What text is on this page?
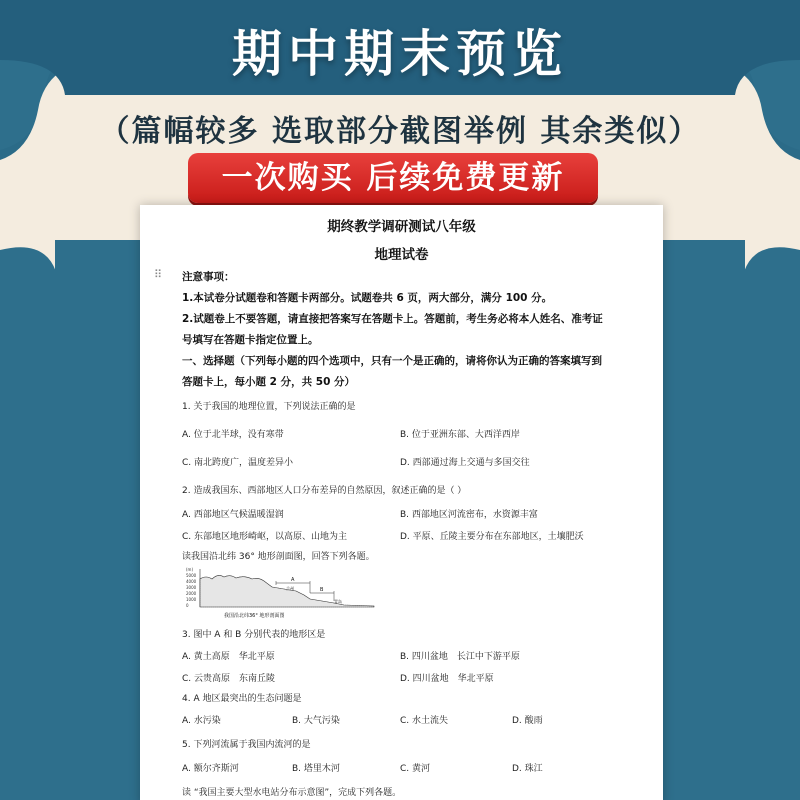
期中期末预览
（篇幅较多 选取部分截图举例 其余类似）
一次购买 后续免费更新
期终教学调研测试八年级
地理试卷
⠿ 注意事项：
1.本试卷分试题卷和答题卡两部分。试题卷共 6 页，两大部分，满分 100 分。
2.试题卷上不要答题，请直接把答案写在答题卡上。答题前，考生务必将本人姓名、准考证
号填写在答题卡指定位置上。
一、选择题（下列每小题的四个选项中，只有一个是正确的，请将你认为正确的答案填写到
答题卡上，每小题 2 分，共 50 分）
1. 关于我国的地理位置，下列说法正确的是
A. 位于北半球，没有寒带	B. 位于亚洲东部、大西洋西岸
C. 南北跨度广，温度差异小	D. 西部通过海上交通与多国交往
2. 造成我国东、西部地区人口分布差异的自然原因，叙述正确的是（ ）
A. 西部地区气候温暖湿润	B. 西部地区河流密布，水资源丰富
C. 东部地区地形崎岖，以高原、山地为主	D. 平原、丘陵主要分布在东部地区，土壤肥沃
读我国沿北纬 36° 地形剖面图，回答下列各题。
(m)
5000
4000
3000
2000
1000
0
A
B
兰州
青岛
我国沿北纬36° 地形剖面图
3. 图中 A 和 B 分别代表的地形区是
A. 黄土高原　华北平原	B. 四川盆地　长江中下游平原
C. 云贵高原　东南丘陵	D. 四川盆地　华北平原
4. A 地区最突出的生态问题是
A. 水污染	B. 大气污染	C. 水土流失	D. 酸雨
5. 下列河流属于我国内流河的是
A. 额尔齐斯河	B. 塔里木河	C. 黄河	D. 珠江
读 “我国主要大型水电站分布示意图”，完成下列各题。
